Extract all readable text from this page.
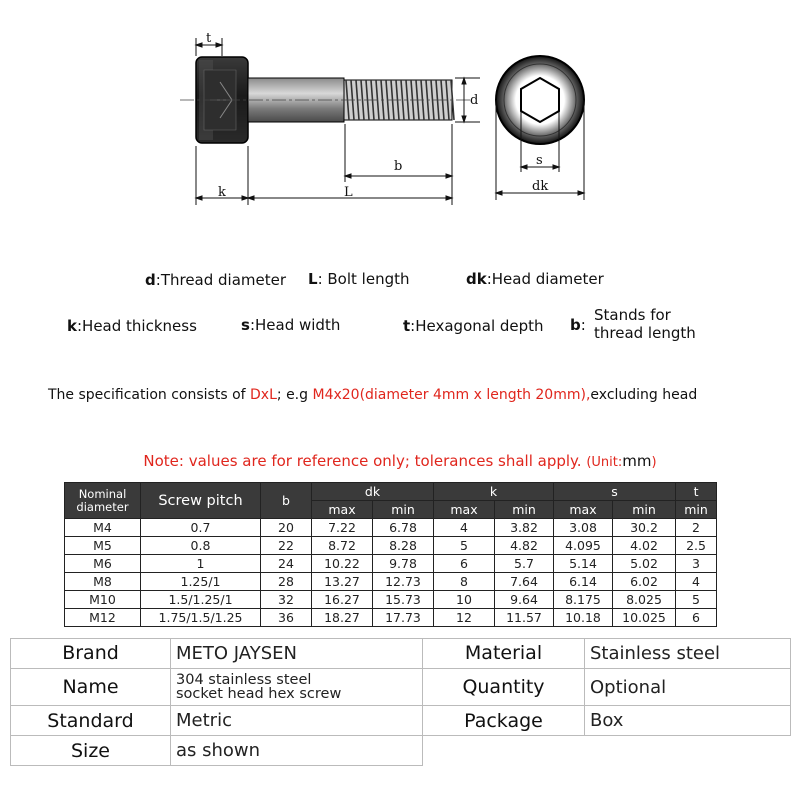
t
d
b
k	L
s
dk
d:Thread diameter L: Bolt length	dk:Head diameter
k:Head thickness	s:Head width	t:Hexagonal depth b:
Stands for
thread length
The specification consists of DxL; e.g M4x20(diameter 4mm x length 20mm),excluding head
Note: values are for reference only; tolerances shall apply. (Unit:mm)
Nominal
diameter	Screw pitch	b	dk		k		s		t
			max	min	max	min	max	min	min
M4	0.7	20	7.22	6.78	4	3.82	3.08	30.2	2
M5	0.8	22	8.72	8.28	5	4.82	4.095	4.02	2.5
M6	1	24	10.22	9.78	6	5.7	5.14	5.02	3
M8	1.25/1	28	13.27	12.73	8	7.64	6.14	6.02	4
M10	1.5/1.25/1	32	16.27	15.73	10	9.64	8.175	8.025	5
M12	1.75/1.5/1.25	36	18.27	17.73	12	11.57	10.18	10.025	6
Brand	METO JAYSEN	Material	Stainless steel
Name	304 stainless steel
socket head hex screw	Quantity	Optional
Standard	Metric	Package	Box
Size	as shown		
